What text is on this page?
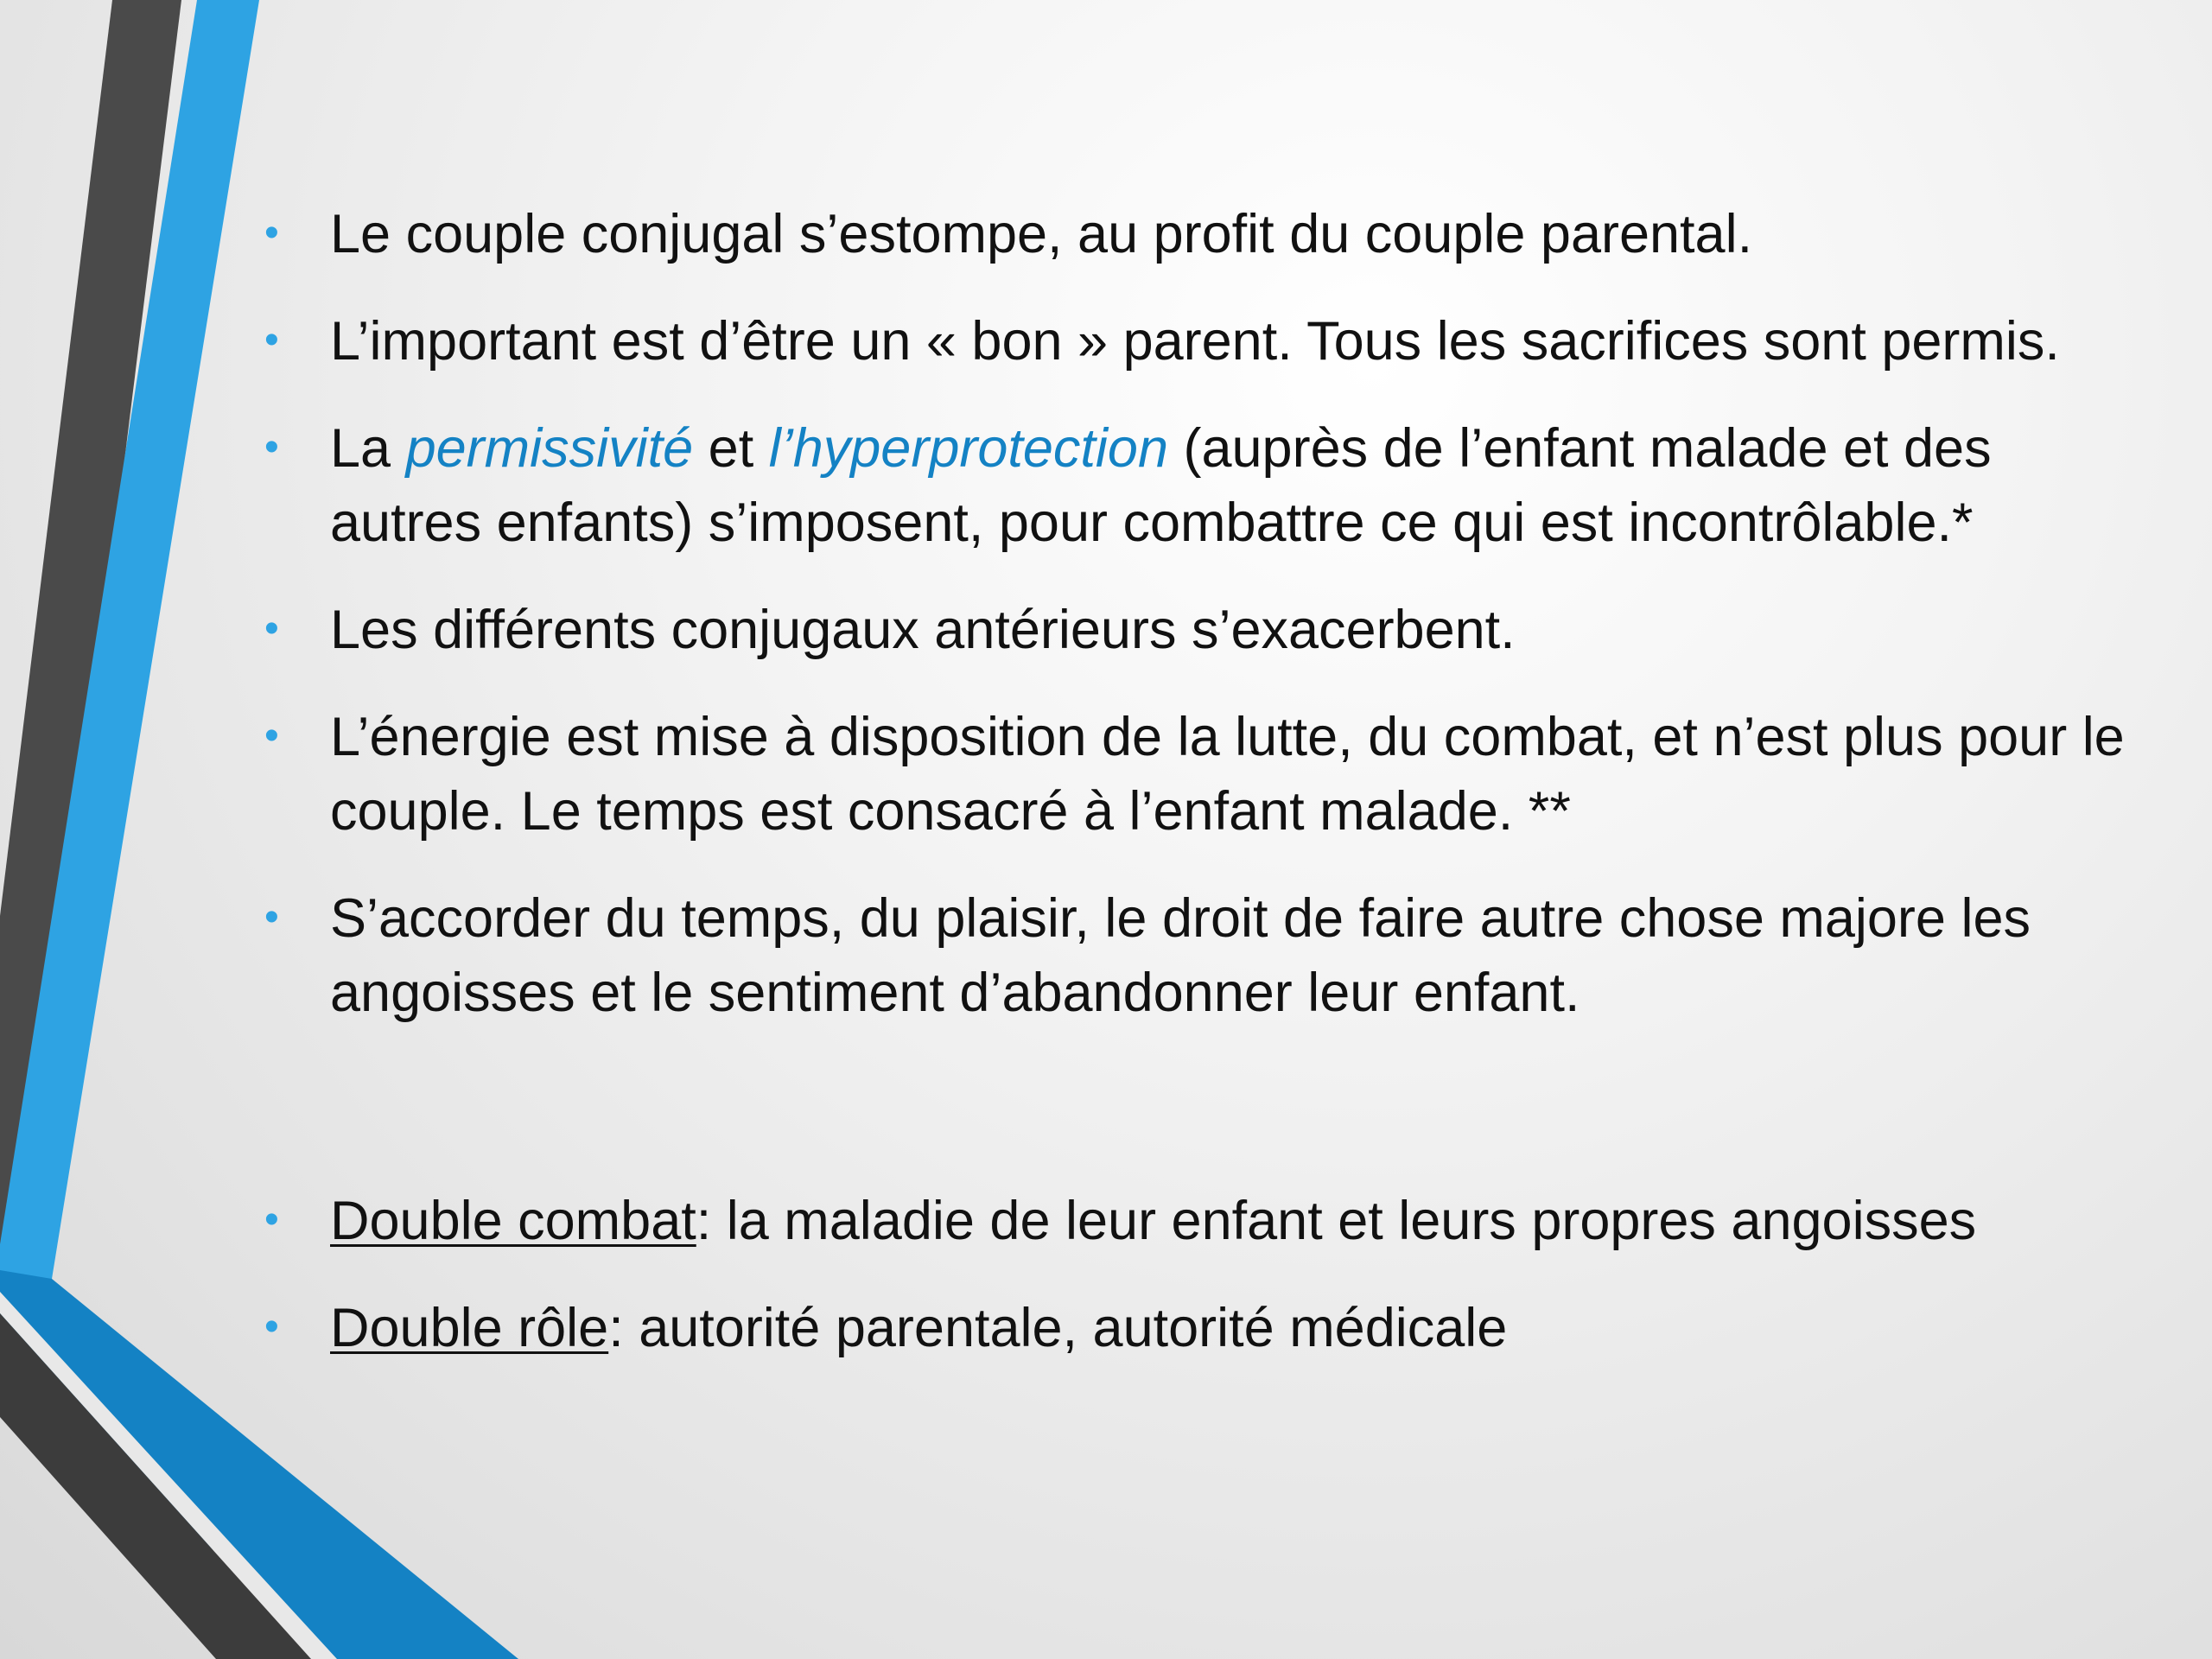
• Le couple conjugal s’estompe, au profit du couple parental.
• L’important est d’être un « bon » parent. Tous les sacrifices sont permis.
• La permissivité et l’hyperprotection (auprès de l’enfant malade et des autres enfants) s’imposent, pour combattre ce qui est incontrôlable.*
• Les différents conjugaux antérieurs s’exacerbent.
• L’énergie est mise à disposition de la lutte, du combat, et n’est plus pour le couple. Le temps est consacré à l’enfant malade. **
• S’accorder du temps, du plaisir, le droit de faire autre chose majore les angoisses et le sentiment d’abandonner leur enfant.
• Double combat: la maladie de leur enfant et leurs propres angoisses
• Double rôle: autorité parentale, autorité médicale
